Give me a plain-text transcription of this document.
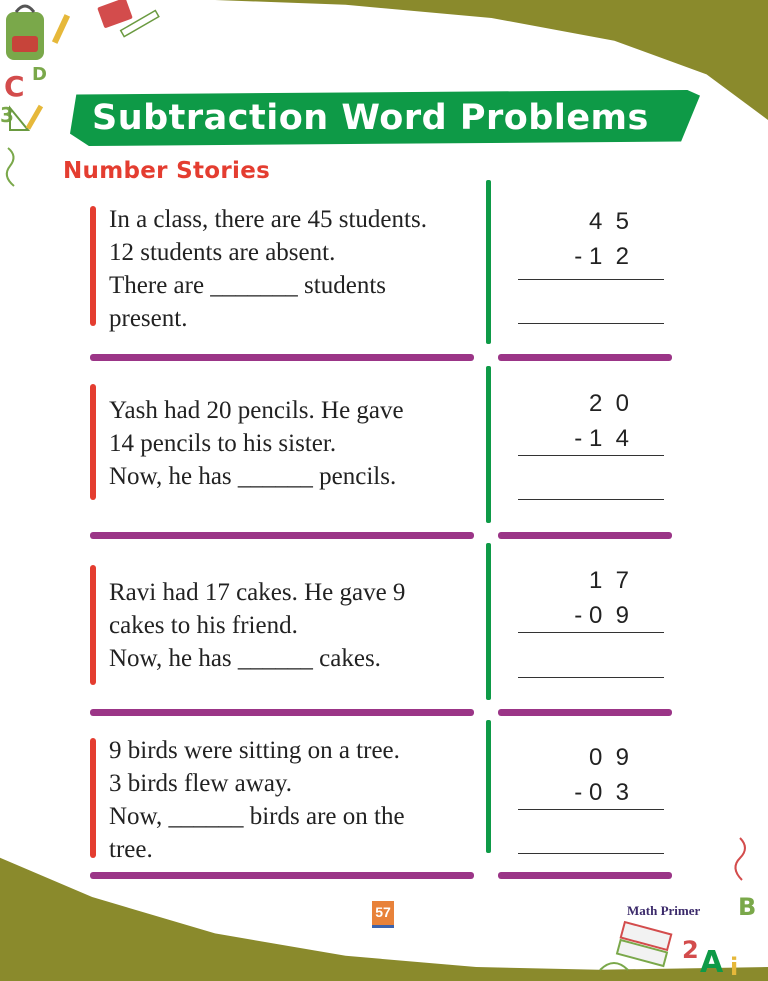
C D
3
B
2 A i
Subtraction Word Problems
Number Stories
In a class, there are 45 students.
12 students are absent.
There are _______ students
present.
4  5
- 1  2
Yash had 20 pencils. He gave
14 pencils to his sister.
Now, he has ______ pencils.
2  0
- 1  4
Ravi had 17 cakes. He gave 9
cakes to his friend.
Now, he has ______ cakes.
1  7
- 0  9
9 birds were sitting on a tree.
3 birds flew away.
Now, ______ birds are on the
tree.
0  9
- 0  3
57	Math Primer
